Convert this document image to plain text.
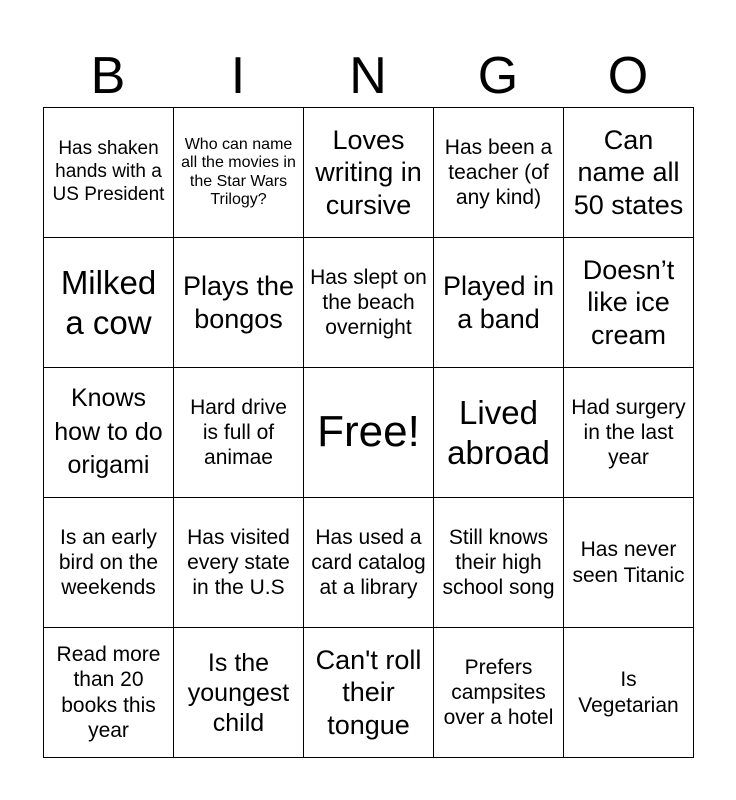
B	I	N	G	O
Has shaken hands with a US President
Who can name all the movies in the Star Wars Trilogy?
Loves writing in cursive
Has been a teacher (of any kind)
Can name all 50 states
Milked a cow
Plays the bongos
Has slept on the beach overnight
Played in a band
Doesn’t like ice cream
Knows how to do origami
Hard drive is full of animae
Free!	Lived abroad
Had surgery in the last year
Is an early bird on the weekends
Has visited every state in the U.S
Has used a card catalog at a library
Still knows their high school song
Has never seen Titanic
Read more than 20 books this year
Is the youngest child
Can't roll their tongue
Prefers campsites over a hotel
Is Vegetarian
